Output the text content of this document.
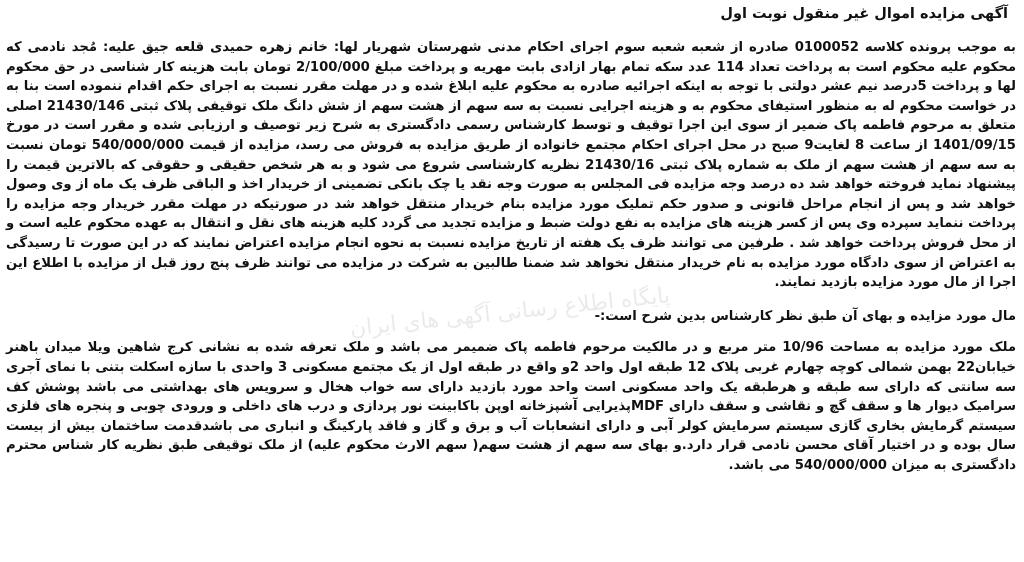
آگهی مزایده اموال غیر منقول نوبت اول

به موجب پرونده کلاسه 0100052 صادره از شعبه شعبه سوم اجرای احکام مدنی شهرستان شهریار لها: خانم زهره حمیدی قلعه جیق علیه: مُجد نادمی که محکوم علیه محکوم است به پرداخت تعداد 114 عدد سکه تمام بهار ازادی بابت مهریه و پرداخت مبلغ 2/100/000 تومان بابت هزینه کار شناسی در حق محکوم لها و پرداخت 5درصد نیم عشر دولتی با توجه به اینکه اجرائیه صادره به محکوم علیه ابلاغ شده و در مهلت مقرر نسبت به اجرای حکم اقدام ننموده است بنا به در خواست محکوم له به منظور استیفای محکوم به و هزینه اجرایی نسبت به سه سهم از هشت سهم از شش دانگ ملک توقیفی پلاک ثبتی 21430/146 اصلی متعلق به مرحوم فاطمه پاک ضمیر از سوی این اجرا توقیف و توسط کارشناس رسمی دادگستری به شرح زیر توصیف و ارزیابی شده و مقرر است در مورخ 1401/09/15 از ساعت 8 لغایت9 صبح در محل اجرای احکام مجتمع خانواده از طریق مزایده به فروش می رسد، مزایده از قیمت 540/000/000 تومان نسبت به سه سهم از هشت سهم از ملک به شماره پلاک ثبتی 21430/16 نظریه کارشناسی شروع می شود و به هر شخص حقیقی و حقوقی که بالاترین قیمت را پیشنهاد نماید فروخته خواهد شد ده درصد وجه مزایده فی المجلس به صورت وجه نقد یا چک بانکی تضمینی از خریدار اخذ و الباقی ظرف یک ماه از وی وصول خواهد شد و پس از انجام مراحل قانونی و صدور حکم تملیک مورد مزایده بنام خریدار منتقل خواهد شد در صورتیکه در مهلت مقرر خریدار وجه مزایده را پرداخت ننماید سپرده وی پس از کسر هزینه های مزایده به نفع دولت ضبط و مزایده تجدید می گردد کلیه هزینه های نقل و انتقال به عهده محکوم علیه است و از محل فروش پرداخت خواهد شد . طرفین می توانند ظرف یک هفته از تاریخ مزایده نسبت به نحوه انجام مزایده اعتراض نمایند که در این صورت تا رسیدگی به اعتراض از سوی دادگاه مورد مزایده به نام خریدار منتقل نخواهد شد ضمنا طالبین به شرکت در مزایده می توانند ظرف پنج روز قبل از مزایده با اطلاع این اجرا از مال مورد مزایده بازدید نمایند.

مال مورد مزایده و بهای آن طبق نظر کارشناس بدین شرح است:-

ملک مورد مزایده به مساحت 10/96 متر مربع و در مالکیت مرحوم فاطمه پاک ضمیمر می باشد و ملک تعرفه شده به نشانی کرج شاهین ویلا میدان باهنر خیابان22 بهمن شمالی کوچه چهارم غربی پلاک 12 طبقه اول واحد 2و واقع در طبقه اول از یک مجتمع مسکونی 3 واحدی با سازه اسکلت بتنی با نمای آجری سه سانتی که دارای سه طبقه و هرطبقه یک واحد مسکونی است واحد مورد بازدید دارای سه خواب هخال و سرویس های بهداشتی می باشد پوشش کف سرامیک دیوار ها و سقف گچ و نقاشی و سقف دارای MDFپذیرایی آشپزخانه اوپن باکابینت نور پردازی و درب های داخلی و ورودی چوبی و پنجره های فلزی سیستم گرمایش بخاری گازی سیستم سرمایش کولر آبی و دارای انشعابات آب و برق و گاز و فاقد پارکینگ و انباری می باشدقدمت ساختمان بیش از بیست سال بوده و در اختیار آقای محسن نادمی قرار دارد.و بهای سه سهم از هشت سهم( سهم الارث محکوم علیه) از ملک توقیفی طبق نظریه کار شناس محترم دادگستری به میزان 540/000/000 می باشد.

پایگاه اطلاع رسانی آگهی های ایران
